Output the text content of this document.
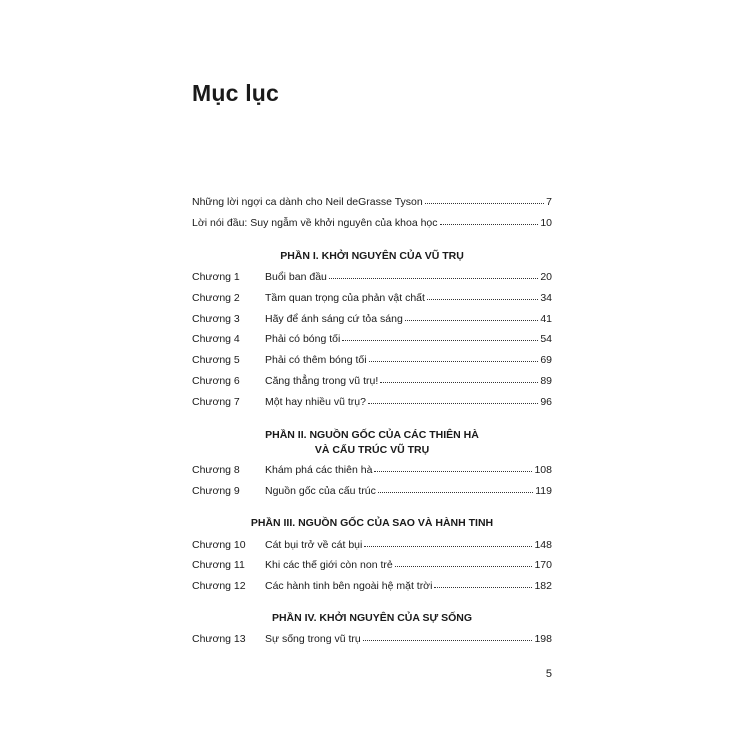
Mục lục
Những lời ngợi ca dành cho Neil deGrasse Tyson	7
Lời nói đầu: Suy ngẫm về khởi nguyên của khoa học	10
PHẦN I. KHỞI NGUYÊN CỦA VŨ TRỤ
Chương 1	Buổi ban đầu	20
Chương 2	Tầm quan trọng của phản vật chất	34
Chương 3	Hãy để ánh sáng cứ tỏa sáng	41
Chương 4	Phải có bóng tối	54
Chương 5	Phải có thêm bóng tối	69
Chương 6	Căng thẳng trong vũ trụ!	89
Chương 7	Một hay nhiều vũ trụ?	96
PHẦN II. NGUỒN GỐC CỦA CÁC THIÊN HÀ
VÀ CẤU TRÚC VŨ TRỤ
Chương 8	Khám phá các thiên hà	108
Chương 9	Nguồn gốc của cấu trúc	119
PHẦN III. NGUỒN GỐC CỦA SAO VÀ HÀNH TINH
Chương 10	Cát bụi trở về cát bụi	148
Chương 11	Khi các thế giới còn non trẻ	170
Chương 12	Các hành tinh bên ngoài hệ mặt trời	182
PHẦN IV. KHỞI NGUYÊN CỦA SỰ SỐNG
Chương 13	Sự sống trong vũ trụ	198
5
